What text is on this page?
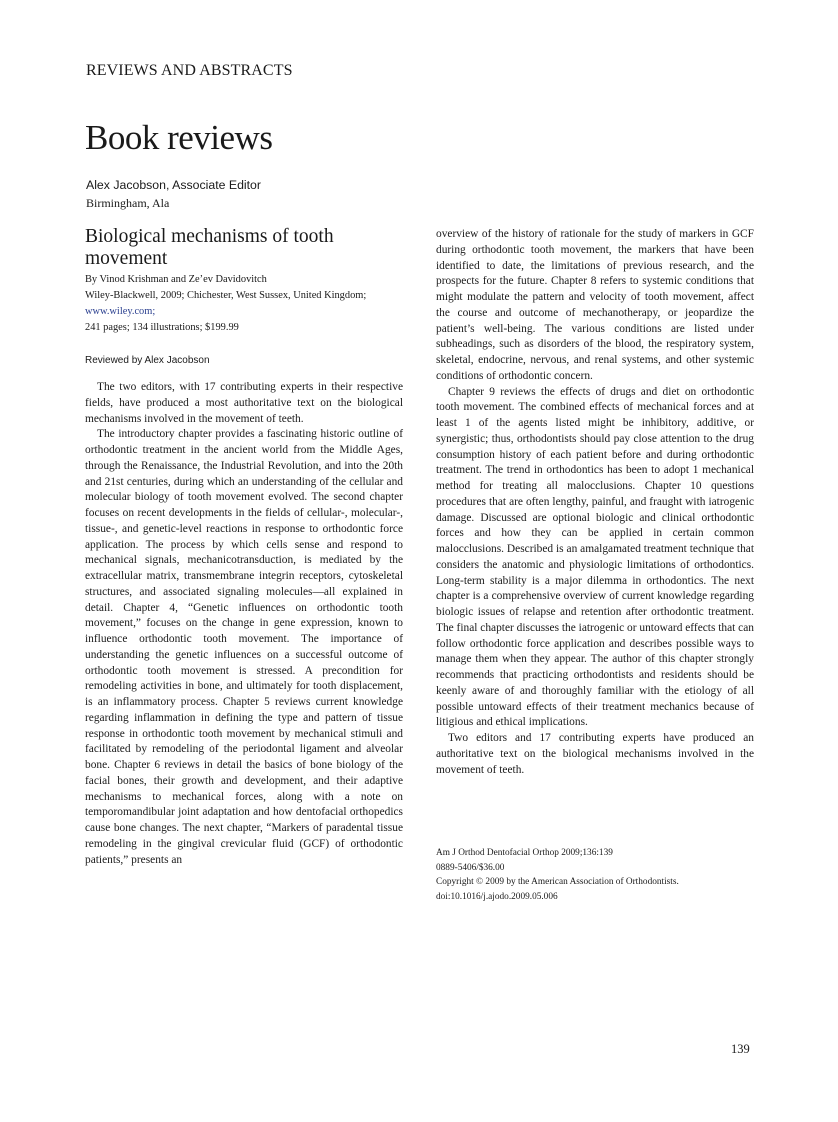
REVIEWS AND ABSTRACTS
Book reviews
Alex Jacobson, Associate Editor
Birmingham, Ala
Biological mechanisms of tooth movement
By Vinod Krishman and Ze’ev Davidovitch
Wiley-Blackwell, 2009; Chichester, West Sussex, United Kingdom;
www.wiley.com;
241 pages; 134 illustrations; $199.99
Reviewed by Alex Jacobson

The two editors, with 17 contributing experts in their respective fields, have produced a most authoritative text on the biological mechanisms involved in the movement of teeth.

The introductory chapter provides a fascinating historic outline of orthodontic treatment in the ancient world from the Middle Ages, through the Renaissance, the Industrial Revolution, and into the 20th and 21st centuries, during which an understanding of the cellular and molecular biology of tooth movement evolved. The second chapter focuses on recent developments in the fields of cellular-, molecular-, tissue-, and genetic-level reactions in response to orthodontic force application. The process by which cells sense and respond to mechanical signals, mechanicotransduction, is mediated by the extracellular matrix, transmembrane integrin receptors, cytoskeletal structures, and associated signaling molecules—all explained in detail. Chapter 4, “Genetic influences on orthodontic tooth movement,” focuses on the change in gene expression, known to influence orthodontic tooth movement. The importance of understanding the genetic influences on a successful outcome of orthodontic tooth movement is stressed. A precondition for remodeling activities in bone, and ultimately for tooth displacement, is an inflammatory process. Chapter 5 reviews current knowledge regarding inflammation in defining the type and pattern of tissue response in orthodontic tooth movement by mechanical stimuli and facilitated by remodeling of the periodontal ligament and alveolar bone. Chapter 6 reviews in detail the basics of bone biology of the facial bones, their growth and development, and their adaptive mechanisms to mechanical forces, along with a note on temporomandibular joint adaptation and how dentofacial orthopedics cause bone changes. The next chapter, “Markers of paradental tissue remodeling in the gingival crevicular fluid (GCF) of orthodontic patients,” presents an

overview of the history of rationale for the study of markers in GCF during orthodontic tooth movement, the markers that have been identified to date, the limitations of previous research, and the prospects for the future. Chapter 8 refers to systemic conditions that might modulate the pattern and velocity of tooth movement, affect the course and outcome of mechanotherapy, or jeopardize the patient’s well-being. The various conditions are listed under subheadings, such as disorders of the blood, the respiratory system, skeletal, endocrine, nervous, and renal systems, and other systemic conditions of orthodontic concern.

Chapter 9 reviews the effects of drugs and diet on orthodontic tooth movement. The combined effects of mechanical forces and at least 1 of the agents listed might be inhibitory, additive, or synergistic; thus, orthodontists should pay close attention to the drug consumption history of each patient before and during orthodontic treatment. The trend in orthodontics has been to adopt 1 mechanical method for treating all malocclusions. Chapter 10 questions procedures that are often lengthy, painful, and fraught with iatrogenic damage. Discussed are optional biologic and clinical orthodontic forces and how they can be applied in certain common malocclusions. Described is an amalgamated treatment technique that considers the anatomic and physiologic limitations of orthodontics. Long-term stability is a major dilemma in orthodontics. The next chapter is a comprehensive overview of current knowledge regarding biologic issues of relapse and retention after orthodontic treatment. The final chapter discusses the iatrogenic or untoward effects that can follow orthodontic force application and describes possible ways to manage them when they appear. The author of this chapter strongly recommends that practicing orthodontists and residents should be keenly aware of and thoroughly familiar with the etiology of all possible untoward effects of their treatment mechanics because of litigious and ethical implications.

Two editors and 17 contributing experts have produced an authoritative text on the biological mechanisms involved in the movement of teeth.

Am J Orthod Dentofacial Orthop 2009;136:139
0889-5406/$36.00
Copyright © 2009 by the American Association of Orthodontists.
doi:10.1016/j.ajodo.2009.05.006
139
